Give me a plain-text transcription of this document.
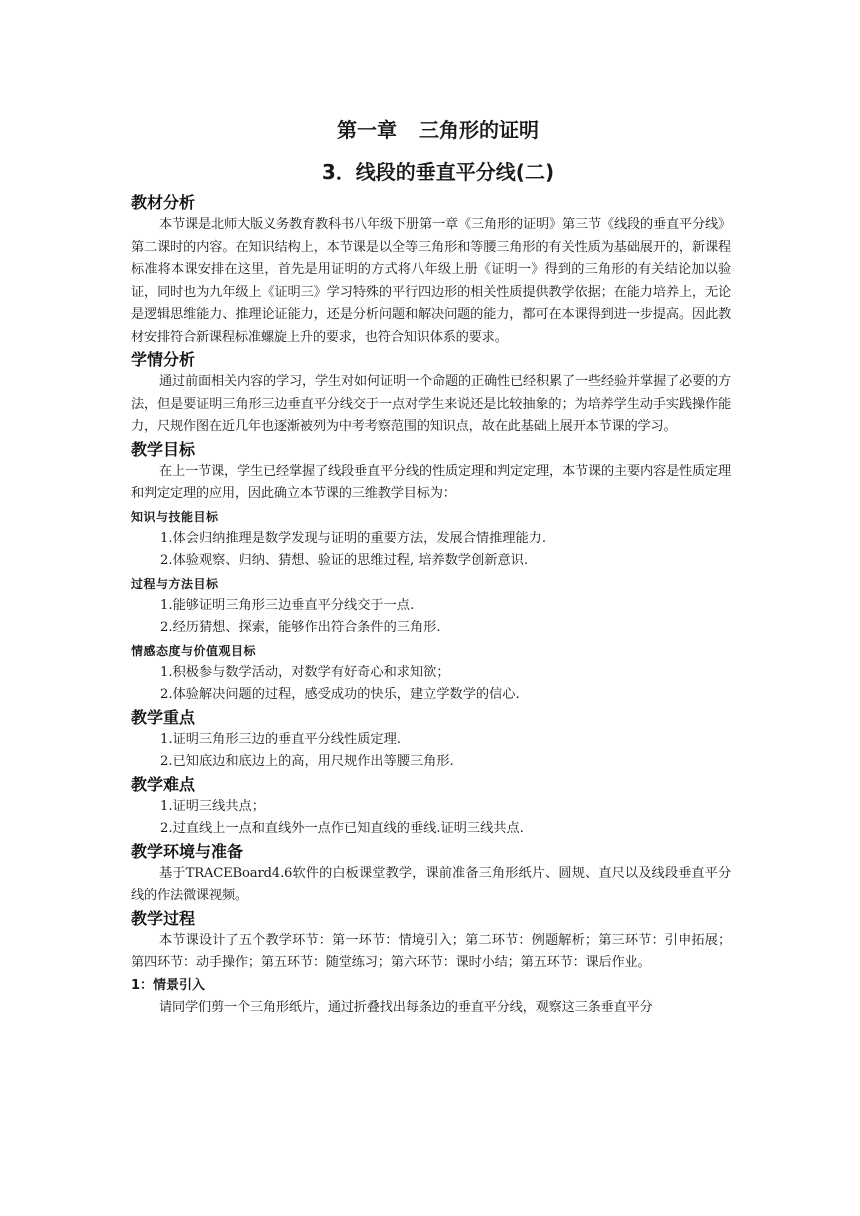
第一章 三角形的证明
3．线段的垂直平分线(二)
教材分析

本节课是北师大版义务教育教科书八年级下册第一章《三角形的证明》第三节《线段的垂直平分线》第二课时的内容。在知识结构上，本节课是以全等三角形和等腰三角形的有关性质为基础展开的，新课程标准将本课安排在这里，首先是用证明的方式将八年级上册《证明一》得到的三角形的有关结论加以验证，同时也为九年级上《证明三》学习特殊的平行四边形的相关性质提供教学依据；在能力培养上，无论是逻辑思维能力、推理论证能力，还是分析问题和解决问题的能力，都可在本课得到进一步提高。因此教材安排符合新课程标准螺旋上升的要求，也符合知识体系的要求。

学情分析

通过前面相关内容的学习，学生对如何证明一个命题的正确性已经积累了一些经验并掌握了必要的方法，但是要证明三角形三边垂直平分线交于一点对学生来说还是比较抽象的；为培养学生动手实践操作能力，尺规作图在近几年也逐渐被列为中考考察范围的知识点，故在此基础上展开本节课的学习。

教学目标

在上一节课，学生已经掌握了线段垂直平分线的性质定理和判定定理，本节课的主要内容是性质定理和判定定理的应用，因此确立本节课的三维教学目标为：

知识与技能目标
1.体会归纳推理是数学发现与证明的重要方法，发展合情推理能力.
2.体验观察、归纳、猜想、验证的思维过程, 培养数学创新意识.
过程与方法目标
1.能够证明三角形三边垂直平分线交于一点.
2.经历猜想、探索，能够作出符合条件的三角形.
情感态度与价值观目标
1.积极参与数学活动，对数学有好奇心和求知欲；
2.体验解决问题的过程，感受成功的快乐，建立学数学的信心.
教学重点
1.证明三角形三边的垂直平分线性质定理.
2.已知底边和底边上的高，用尺规作出等腰三角形.
教学难点
1.证明三线共点；
2.过直线上一点和直线外一点作已知直线的垂线.证明三线共点.
教学环境与准备

基于TRACEBoard4.6软件的白板课堂教学，课前准备三角形纸片、圆规、直尺以及线段垂直平分线的作法微课视频。

教学过程

本节课设计了五个教学环节：第一环节：情境引入；第二环节：例题解析；第三环节：引申拓展； 第四环节：动手操作；第五环节：随堂练习；第六环节：课时小结；第五环节：课后作业。

1：情景引入

请同学们剪一个三角形纸片，通过折叠找出每条边的垂直平分线，观察这三条垂直平分
